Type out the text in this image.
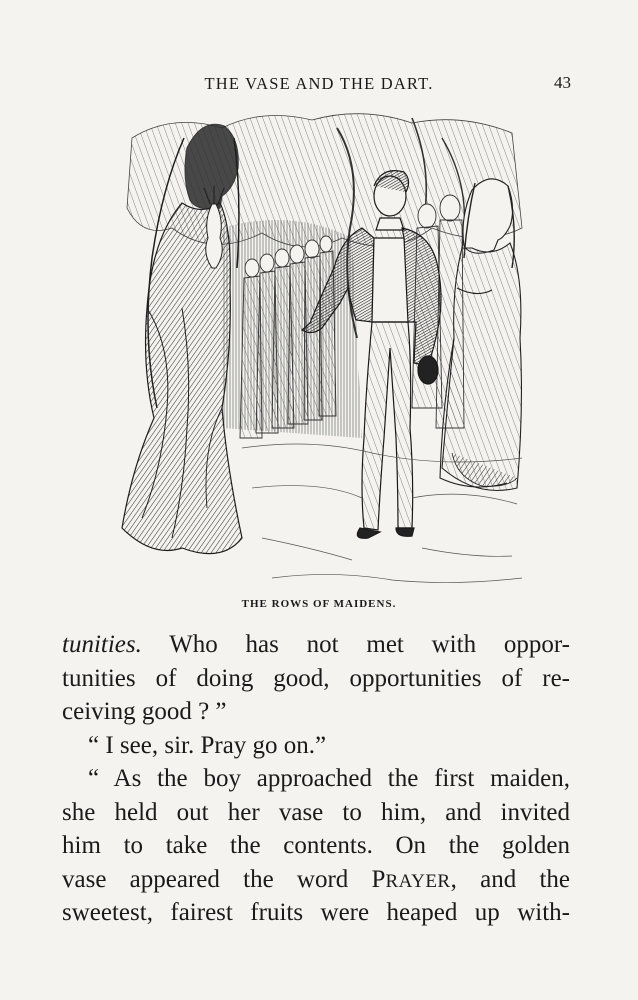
THE VASE AND THE DART.	43
THE ROWS OF MAIDENS.
tunities. Who has not met with oppor-
tunities of doing good, opportunities of re-
ceiving good ? ”
“ I see, sir. Pray go on.”
“ As the boy approached the first maiden,
she held out her vase to him, and invited
him to take the contents. On the golden
vase appeared the word PRAYER, and the
sweetest, fairest fruits were heaped up with-
